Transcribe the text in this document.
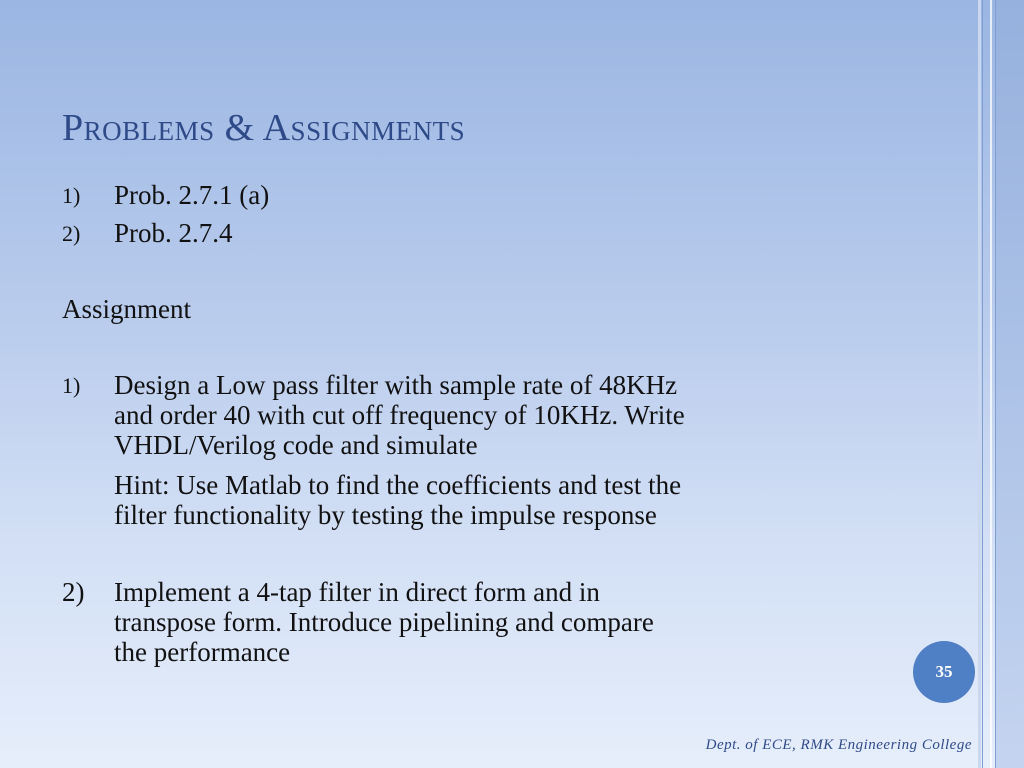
Problems & Assignments
1) Prob. 2.7.1 (a)
2) Prob. 2.7.4
Assignment
1) Design a Low pass filter with sample rate of 48KHz
and order 40 with cut off frequency of 10KHz. Write
VHDL/Verilog code and simulate
Hint: Use Matlab to find the coefficients and test the
filter functionality by testing the impulse response
2) Implement a 4-tap filter in direct form and in
transpose form. Introduce pipelining and compare
the performance
35
Dept. of ECE, RMK Engineering College
